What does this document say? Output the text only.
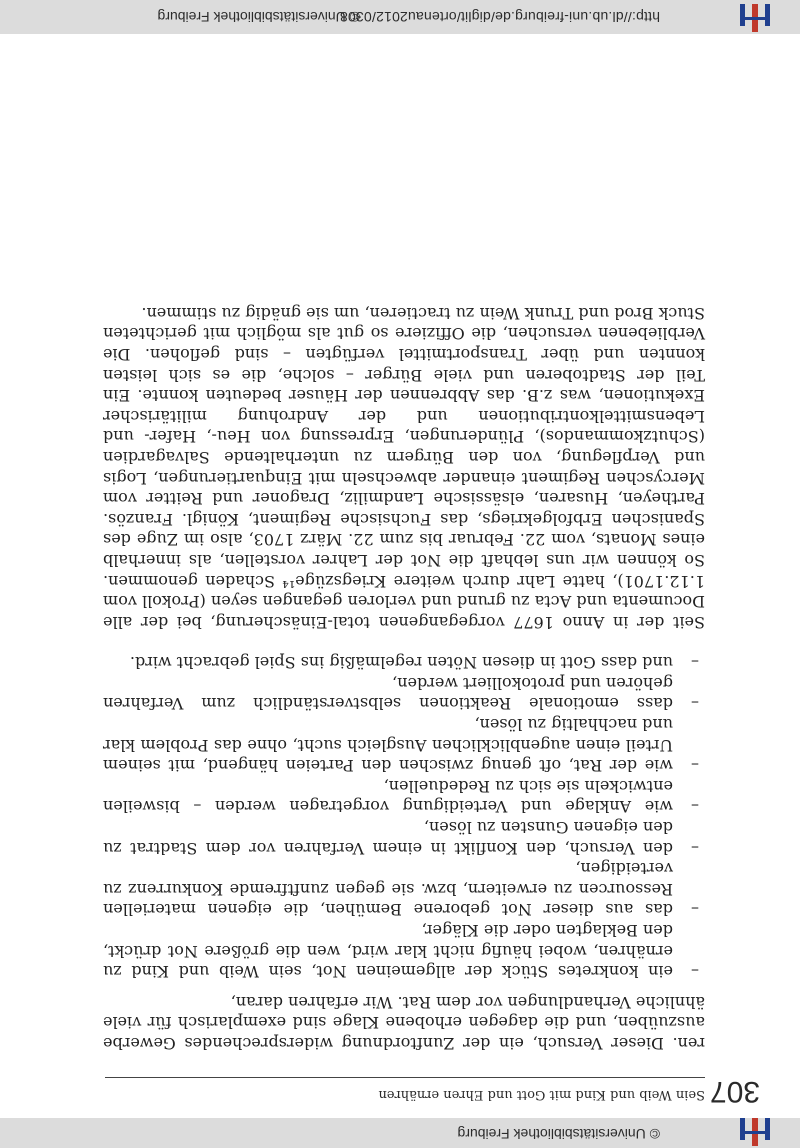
© Universitätsbibliothek Freiburg
307
Sein Weib und Kind mit Gott und Ehren ernähren

ren. Dieser Versuch, ein der Zunftordnung widersprechendes Gewerbe auszuüben, und die dagegen erhobene Klage sind exemplarisch für viele ähnliche Verhandlungen vor dem Rat. Wir erfahren daran,

–
ein konkretes Stück der allgemeinen Not, sein Weib und Kind zu ernähren, wobei häufig nicht klar wird, wen die größere Not drückt, den Beklagten oder die Kläger,

–
das aus dieser Not geborene Bemühen, die eigenen materiellen Ressourcen zu erweitern, bzw. sie gegen zunftfremde Konkurrenz zu verteidigen,

–
den Versuch, den Konflikt in einem Verfahren vor dem Stadtrat zu den eigenen Gunsten zu lösen,

–
wie Anklage und Verteidigung vorgetragen werden – bisweilen entwickeln sie sich zu Rededuellen,

–
wie der Rat, oft genug zwischen den Parteien hängend, mit seinem Urteil einen augenblicklichen Ausgleich sucht, ohne das Problem klar und nachhaltig zu lösen,

–
dass emotionale Reaktionen selbstverständlich zum Verfahren gehören und protokolliert werden,

–
und dass Gott in diesen Nöten regelmäßig ins Spiel gebracht wird.

Seit der in Anno 1677 vorgegangenen total-Einäscherung, bei der alle Documenta und Acta zu grund und verloren gegangen seyen (Prokoll vom 1.12.1701), hatte Lahr durch weitere Kriegszüge¹⁴ Schaden genommen. So können wir uns lebhaft die Not der Lahrer vorstellen, als innerhalb eines Monats, vom 22. Februar bis zum 22. März 1703, also im Zuge des Spanischen Erbfolgekriegs, das Fuchsische Regiment, Königl. Französ. Partheyen, Husaren, elsässische Landmiliz, Dragoner und Reitter vom Mercyschen Regiment einander abwechseln mit Einquartierungen, Logis und Verpflegung, von den Bürgern zu unterhaltende Salvagardien (Schutzkommandos), Plünderungen, Erpressung von Heu-, Hafer- und Lebensmittelkontributionen und der Androhung militärischer Exekutionen, was z.B. das Abbrennen der Häuser bedeuten konnte. Ein Teil der Stadtoberen und viele Bürger – solche, die es sich leisten konnten und über Transportmittel verfügten – sind geflohen. Die Verbliebenen versuchen, die Offiziere so gut als möglich mit gerichteten Stuck Brod und Trunk Wein zu tractieren, um sie gnädig zu stimmen.

http://dl.ub.uni-freiburg.de/diglit/ortenau2012/0308
© Universitätsbibliothek Freiburg
